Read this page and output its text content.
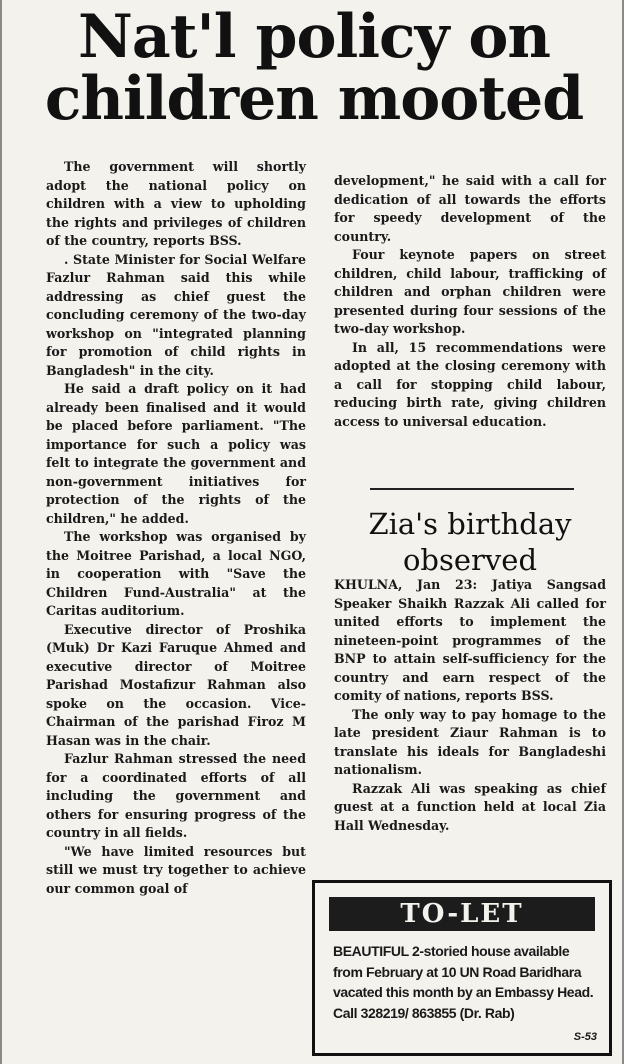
Nat'l policy on
children mooted

The government will shortly adopt the national policy on children with a view to upholding the rights and privileges of children of the country, reports BSS.

. State Minister for Social Welfare Fazlur Rahman said this while addressing as chief guest the concluding ceremony of the two-day workshop on "integrated planning for promotion of child rights in Bangladesh" in the city.

He said a draft policy on it had already been finalised and it would be placed before parliament. "The importance for such a policy was felt to integrate the government and non-government initiatives for protection of the rights of the children," he added.

The workshop was organised by the Moitree Parishad, a local NGO, in cooperation with "Save the Children Fund-Australia" at the Caritas auditorium.

Executive director of Proshika (Muk) Dr Kazi Faruque Ahmed and executive director of Moitree Parishad Mostafizur Rahman also spoke on the occasion. Vice-Chairman of the parishad Firoz M Hasan was in the chair.

Fazlur Rahman stressed the need for a coordinated efforts of all including the government and others for ensuring progress of the country in all fields.

"We have limited resources but still we must try together to achieve our common goal of

development," he said with a call for dedication of all towards the efforts for speedy development of the country.

Four keynote papers on street children, child labour, trafficking of children and orphan children were presented during four sessions of the two-day workshop.

In all, 15 recommendations were adopted at the closing ceremony with a call for stopping child labour, reducing birth rate, giving children access to universal education.

Zia's birthday
observed

KHULNA, Jan 23: Jatiya Sangsad Speaker Shaikh Razzak Ali called for united efforts to implement the nineteen-point programmes of the BNP to attain self-sufficiency for the country and earn respect of the comity of nations, reports BSS.

The only way to pay homage to the late president Ziaur Rahman is to translate his ideals for Bangladeshi nationalism.

Razzak Ali was speaking as chief guest at a function held at local Zia Hall Wednesday.

TO-LET
BEAUTIFUL 2-storied house available from February at 10 UN Road Baridhara vacated this month by an Embassy Head. Call 328219/ 863855 (Dr. Rab)
S-53
